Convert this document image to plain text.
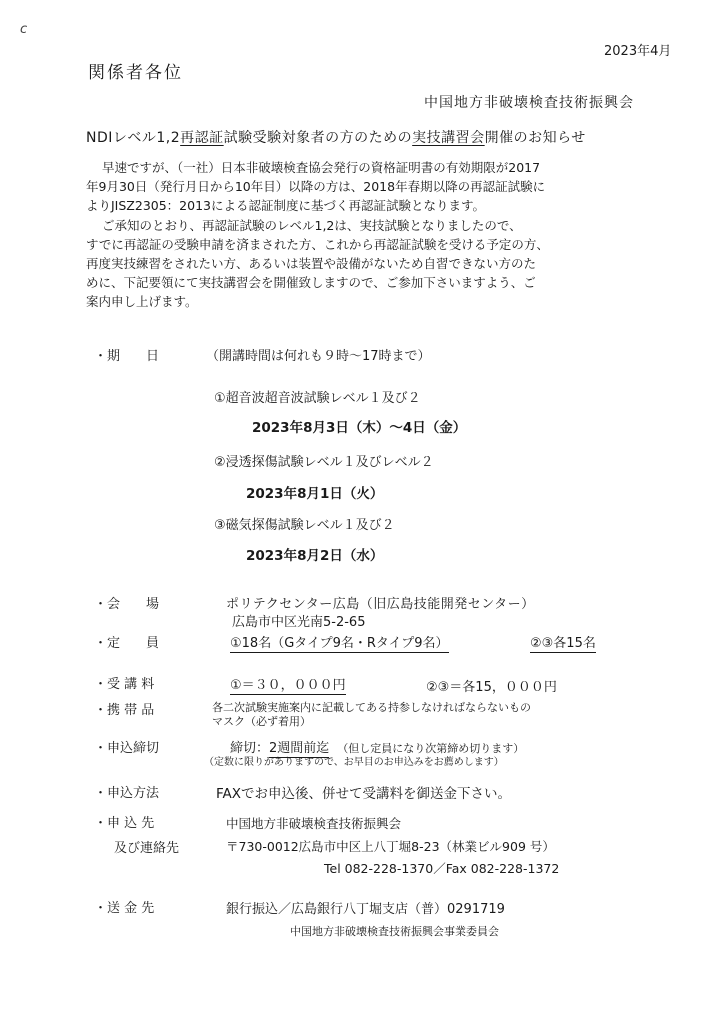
c
2023年4月
関係者各位
中国地方非破壊検査技術振興会
NDIレベル1,2再認証試験受験対象者の方のための実技講習会開催のお知らせ
早速ですが、（一社）日本非破壊検査協会発行の資格証明書の有効期限が2017
年9月30日（発行月日から10年目）以降の方は、2018年春期以降の再認証試験に
よりJISZ2305：2013による認証制度に基づく再認証試験となります。
ご承知のとおり、再認証試験のレベル1,2は、実技試験となりましたので、
すでに再認証の受験申請を済まされた方、これから再認証試験を受ける予定の方、
再度実技練習をされたい方、あるいは装置や設備がないため自習できない方のた
めに、下記要領にて実技講習会を開催致しますので、ご参加下さいますよう、ご
案内申し上げます。
・期　　日	（開講時間は何れも９時～17時まで）
①超音波超音波試験レベル１及び２
2023年8月3日（木）～4日（金）
②浸透探傷試験レベル１及びレベル２
2023年8月1日（火）
③磁気探傷試験レベル１及び２
2023年8月2日（水）
・会　　場	ポリテクセンター広島（旧広島技能開発センター）
広島市中区光南5-2-65
・定　　員	①18名（Gタイプ9名・Rタイプ9名）	②③各15名
・受 講 料	①＝３０，０００円	②③＝各15，０００円
・携 帯 品	各二次試験実施案内に記載してある持参しなければならないもの
マスク（必ず着用）
・申込締切	締切：2週間前迄 （但し定員になり次第締め切ります）
（定数に限りがありますので、お早目のお申込みをお薦めします）
・申込方法	FAXでお申込後、併せて受講料を御送金下さい。
・申 込 先	中国地方非破壊検査技術振興会
及び連絡先	〒730-0012広島市中区上八丁堀8-23（林業ビル909 号）
Tel 082-228-1370／Fax 082-228-1372
・送 金 先	銀行振込／広島銀行八丁堀支店（普）0291719
中国地方非破壊検査技術振興会事業委員会
